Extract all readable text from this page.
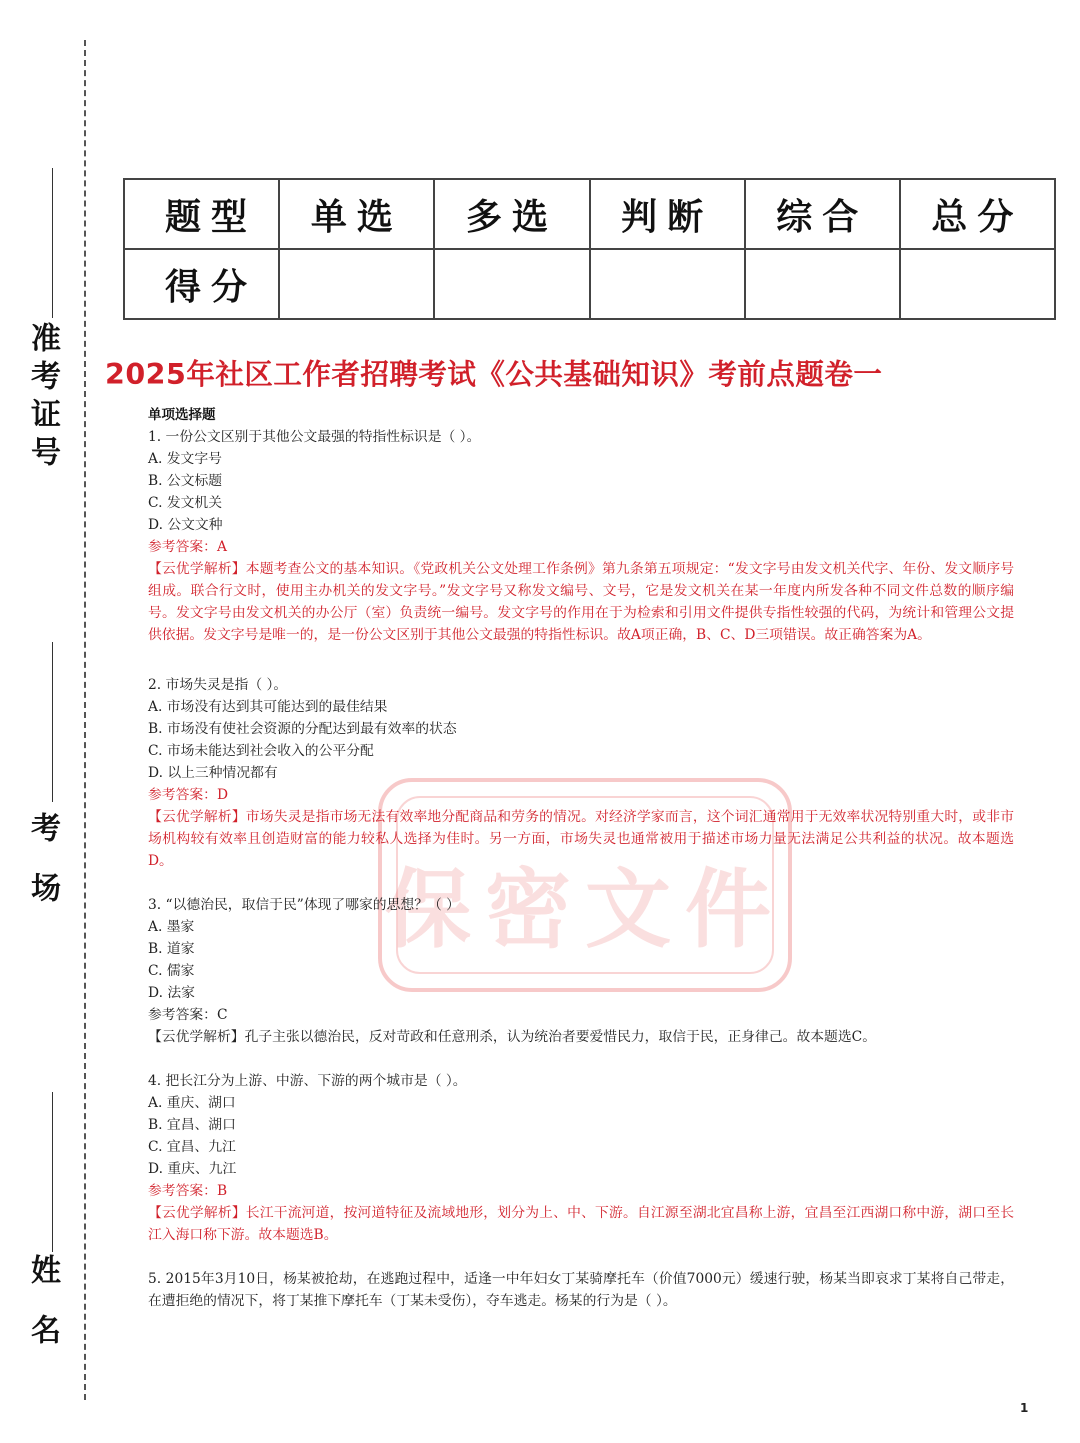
准考证号
考场
姓名
题型	单选	多选	判断	综合	总分
得分					
2025年社区工作者招聘考试《公共基础知识》考前点题卷一
保密文件
单项选择题
1. 一份公文区别于其他公文最强的特指性标识是（ ）。
A. 发文字号
B. 公文标题
C. 发文机关
D. 公文文种
参考答案：A
【云优学解析】本题考查公文的基本知识。《党政机关公文处理工作条例》第九条第五项规定：“发文字号由发文机关代字、年份、发文顺序号组成。联合行文时，使用主办机关的发文字号。”发文字号又称发文编号、文号，它是发文机关在某一年度内所发各种不同文件总数的顺序编号。发文字号由发文机关的办公厅（室）负责统一编号。发文字号的作用在于为检索和引用文件提供专指性较强的代码，为统计和管理公文提供依据。发文字号是唯一的，是一份公文区别于其他公文最强的特指性标识。故A项正确，B、C、D三项错误。故正确答案为A。
2. 市场失灵是指（ ）。
A. 市场没有达到其可能达到的最佳结果
B. 市场没有使社会资源的分配达到最有效率的状态
C. 市场未能达到社会收入的公平分配
D. 以上三种情况都有
参考答案：D
【云优学解析】市场失灵是指市场无法有效率地分配商品和劳务的情况。对经济学家而言，这个词汇通常用于无效率状况特别重大时，或非市场机构较有效率且创造财富的能力较私人选择为佳时。另一方面，市场失灵也通常被用于描述市场力量无法满足公共利益的状况。故本题选D。
3. “以德治民，取信于民”体现了哪家的思想？（ ）
A. 墨家
B. 道家
C. 儒家
D. 法家
参考答案：C
【云优学解析】孔子主张以德治民，反对苛政和任意刑杀，认为统治者要爱惜民力，取信于民，正身律己。故本题选C。
4. 把长江分为上游、中游、下游的两个城市是（ ）。
A. 重庆、湖口
B. 宜昌、湖口
C. 宜昌、九江
D. 重庆、九江
参考答案：B
【云优学解析】长江干流河道，按河道特征及流域地形，划分为上、中、下游。自江源至湖北宜昌称上游，宜昌至江西湖口称中游，湖口至长江入海口称下游。故本题选B。
5. 2015年3月10日，杨某被抢劫，在逃跑过程中，适逢一中年妇女丁某骑摩托车（价值7000元）缓速行驶，杨某当即哀求丁某将自己带走，在遭拒绝的情况下，将丁某推下摩托车（丁某未受伤），夺车逃走。杨某的行为是（ ）。
1
